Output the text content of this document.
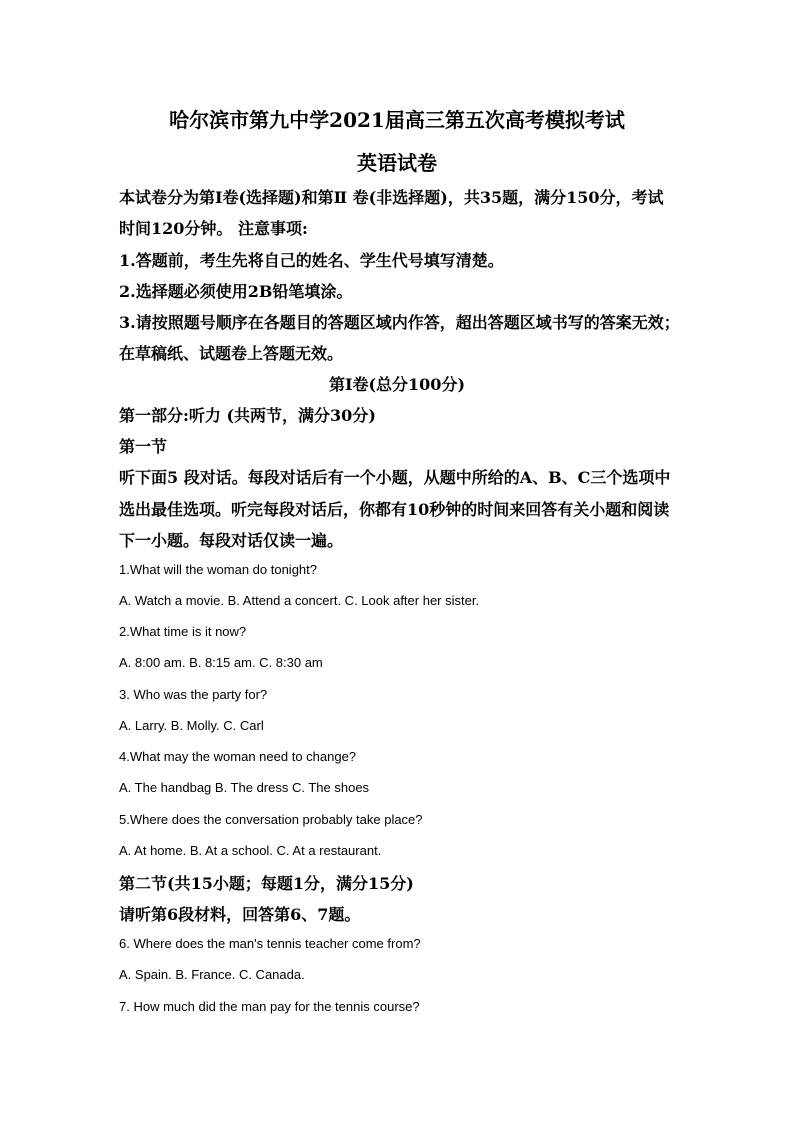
哈尔滨市第九中学2021届高三第五次高考模拟考试
英语试卷
本试卷分为第Ⅰ卷(选择题)和第Ⅱ 卷(非选择题)，共35题，满分150分，考试
时间120分钟。 注意事项:
1.答题前，考生先将自己的姓名、学生代号填写清楚。
2.选择题必须使用2B铅笔填涂。
3.请按照题号顺序在各题目的答题区域内作答，超出答题区域书写的答案无效；
在草稿纸、试题卷上答题无效。
第Ⅰ卷(总分100分)
第一部分:听力 (共两节，满分30分)
第一节
听下面5 段对话。每段对话后有一个小题，从题中所给的A、B、C三个选项中
选出最佳选项。听完每段对话后，你都有10秒钟的时间来回答有关小题和阅读
下一小题。每段对话仅读一遍。
1.What will the woman do tonight?
A. Watch a movie. B. Attend a concert. C. Look after her sister.
2.What time is it now?
A. 8:00 am. B. 8:15 am. C. 8:30 am
3. Who was the party for?
A. Larry. B. Molly. C. Carl
4.What may the woman need to change?
A. The handbag B. The dress C. The shoes
5.Where does the conversation probably take place?
A. At home. B. At a school. C. At a restaurant.
第二节(共15小题；每题1分，满分15分)
请听第6段材料，回答第6、7题。
6. Where does the man's tennis teacher come from?
A. Spain. B. France. C. Canada.
7. How much did the man pay for the tennis course?
